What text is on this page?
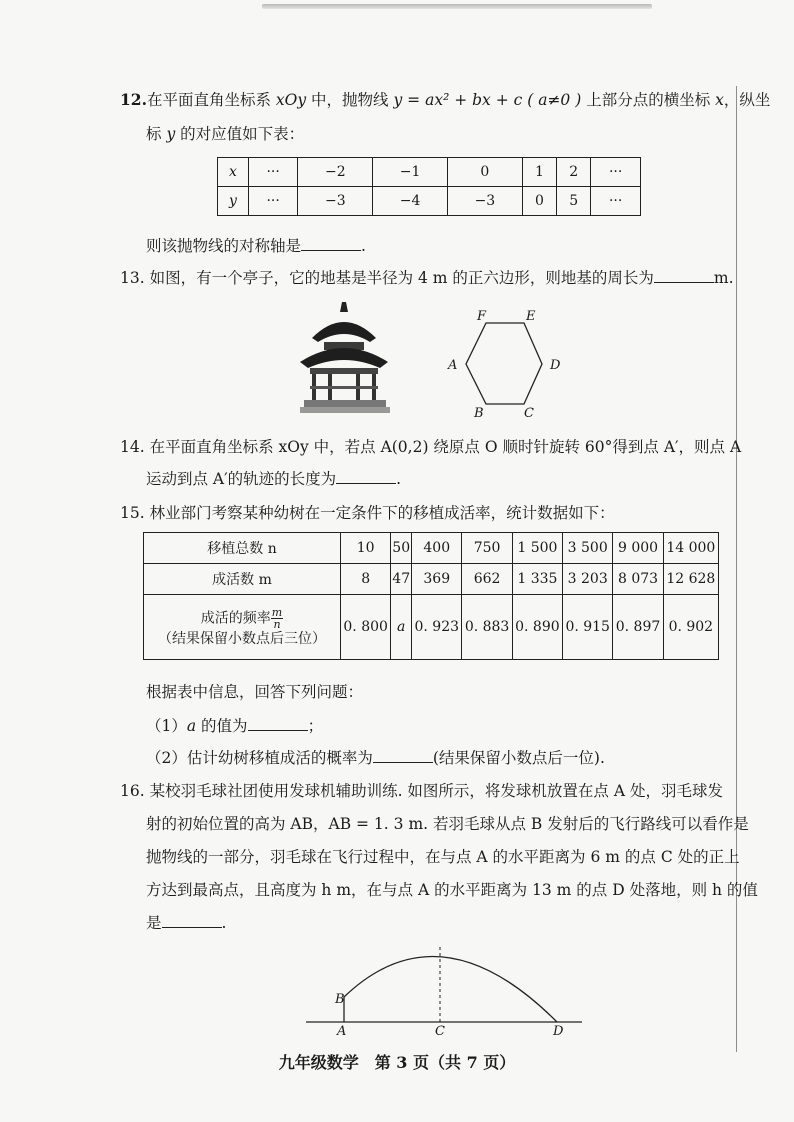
12.在平面直角坐标系 xOy 中，抛物线 y = ax² + bx + c ( a≠0 ) 上部分点的横坐标 x，纵坐
标 y 的对应值如下表：
x	···	−2	−1	0	1	2	···
y	···	−3	−4	−3	0	5	···
则该抛物线的对称轴是	.
13. 如图，有一个亭子，它的地基是半径为 4 m 的正六边形，则地基的周长为	m.
F	E
A	D
B	C
14. 在平面直角坐标系 xOy 中，若点 A(0,2) 绕原点 O 顺时针旋转 60°得到点 A′，则点 A
运动到点 A′的轨迹的长度为	.
15. 林业部门考察某种幼树在一定条件下的移植成活率，统计数据如下：
移植总数 n	10	50	400	750	1 500	3 500	9 000	14 000
成活数 m	8	47	369	662	1 335	3 203	8 073	12 628
成活的频率 $\frac{m}{n}$

（结果保留小数点后三位）	0. 800	a	0. 923	0. 883	0. 890	0. 915	0. 897	0. 902
根据表中信息，回答下列问题：
（1）a 的值为	；
（2）估计幼树移植成活的概率为	(结果保留小数点后一位).
16. 某校羽毛球社团使用发球机辅助训练. 如图所示，将发球机放置在点 A 处，羽毛球发
射的初始位置的高为 AB，AB = 1. 3 m. 若羽毛球从点 B 发射后的飞行路线可以看作是
抛物线的一部分，羽毛球在飞行过程中，在与点 A 的水平距离为 6 m 的点 C 处的正上
方达到最高点，且高度为 h m，在与点 A 的水平距离为 13 m 的点 D 处落地，则 h 的值
是	.
B
A	C	D
九年级数学　第 3 页（共 7 页）
